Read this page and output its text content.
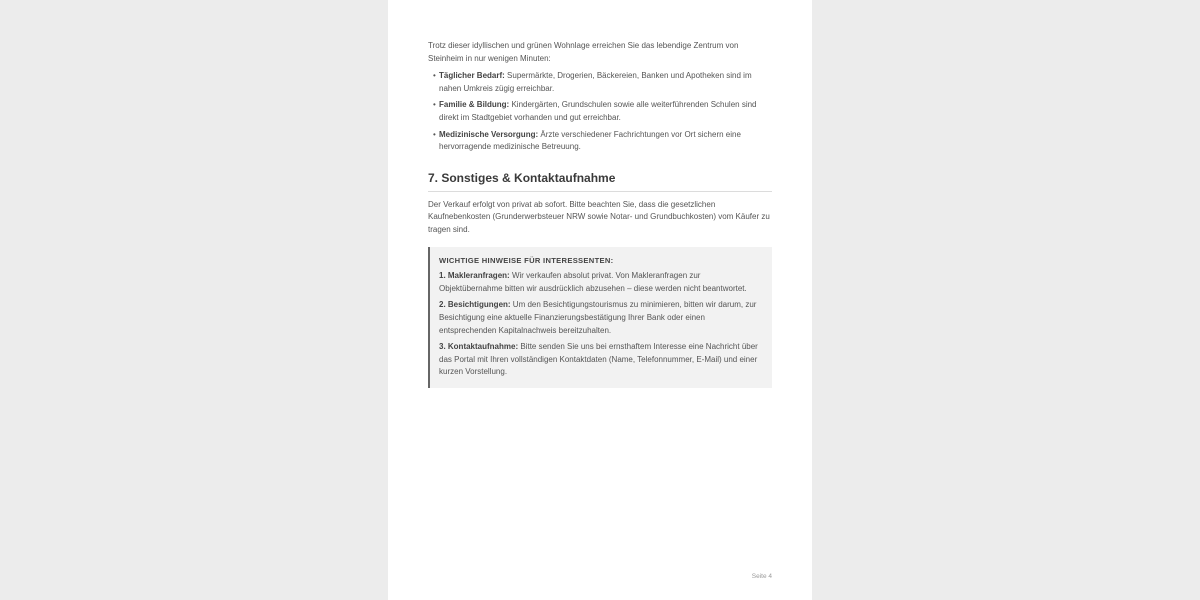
Trotz dieser idyllischen und grünen Wohnlage erreichen Sie das lebendige Zentrum von Steinheim in nur wenigen Minuten:

• Täglicher Bedarf: Supermärkte, Drogerien, Bäckereien, Banken und Apotheken sind im nahen Umkreis zügig erreichbar.
• Familie & Bildung: Kindergärten, Grundschulen sowie alle weiterführenden Schulen sind direkt im Stadtgebiet vorhanden und gut erreichbar.
• Medizinische Versorgung: Ärzte verschiedener Fachrichtungen vor Ort sichern eine hervorragende medizinische Betreuung.
7. Sonstiges & Kontaktaufnahme

Der Verkauf erfolgt von privat ab sofort. Bitte beachten Sie, dass die gesetzlichen Kaufnebenkosten (Grunderwerbsteuer NRW sowie Notar- und Grundbuchkosten) vom Käufer zu tragen sind.

WICHTIGE HINWEISE FÜR INTERESSENTEN:

1. Makleranfragen: Wir verkaufen absolut privat. Von Makleranfragen zur Objektübernahme bitten wir ausdrücklich abzusehen – diese werden nicht beantwortet.

2. Besichtigungen: Um den Besichtigungstourismus zu minimieren, bitten wir darum, zur Besichtigung eine aktuelle Finanzierungsbestätigung Ihrer Bank oder einen entsprechenden Kapitalnachweis bereitzuhalten.

3. Kontaktaufnahme: Bitte senden Sie uns bei ernsthaftem Interesse eine Nachricht über das Portal mit Ihren vollständigen Kontaktdaten (Name, Telefonnummer, E-Mail) und einer kurzen Vorstellung.

Seite 4
